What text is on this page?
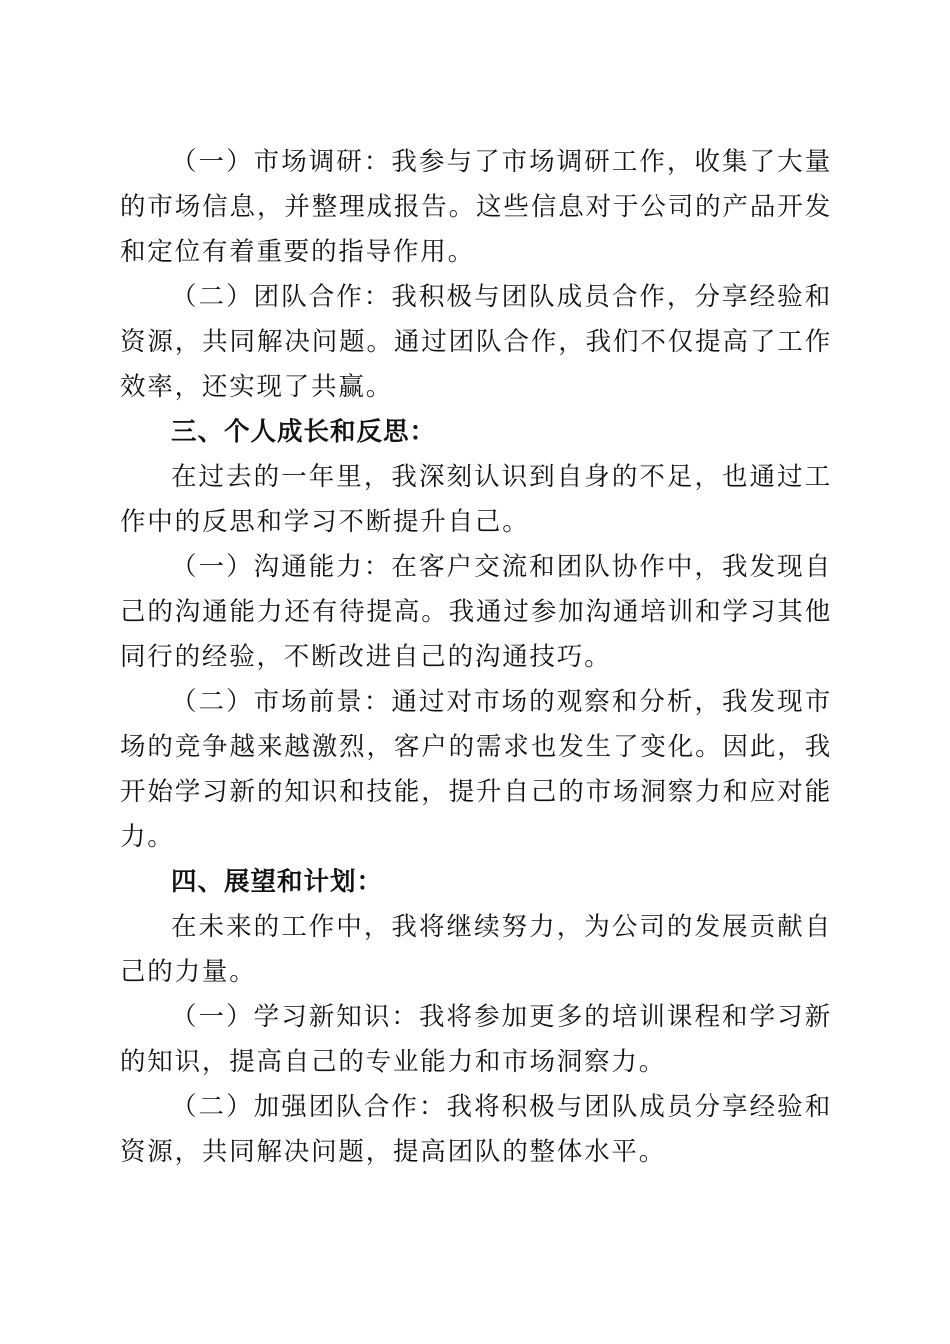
（一）市场调研：我参与了市场调研工作，收集了大量的市场信息，并整理成报告。这些信息对于公司的产品开发和定位有着重要的指导作用。

（二）团队合作：我积极与团队成员合作，分享经验和资源，共同解决问题。通过团队合作，我们不仅提高了工作效率，还实现了共赢。

三、个人成长和反思：

在过去的一年里，我深刻认识到自身的不足，也通过工作中的反思和学习不断提升自己。

（一）沟通能力：在客户交流和团队协作中，我发现自己的沟通能力还有待提高。我通过参加沟通培训和学习其他同行的经验，不断改进自己的沟通技巧。

（二）市场前景：通过对市场的观察和分析，我发现市场的竞争越来越激烈，客户的需求也发生了变化。因此，我开始学习新的知识和技能，提升自己的市场洞察力和应对能力。

四、展望和计划：

在未来的工作中，我将继续努力，为公司的发展贡献自己的力量。

（一）学习新知识：我将参加更多的培训课程和学习新的知识，提高自己的专业能力和市场洞察力。

（二）加强团队合作：我将积极与团队成员分享经验和资源，共同解决问题，提高团队的整体水平。
